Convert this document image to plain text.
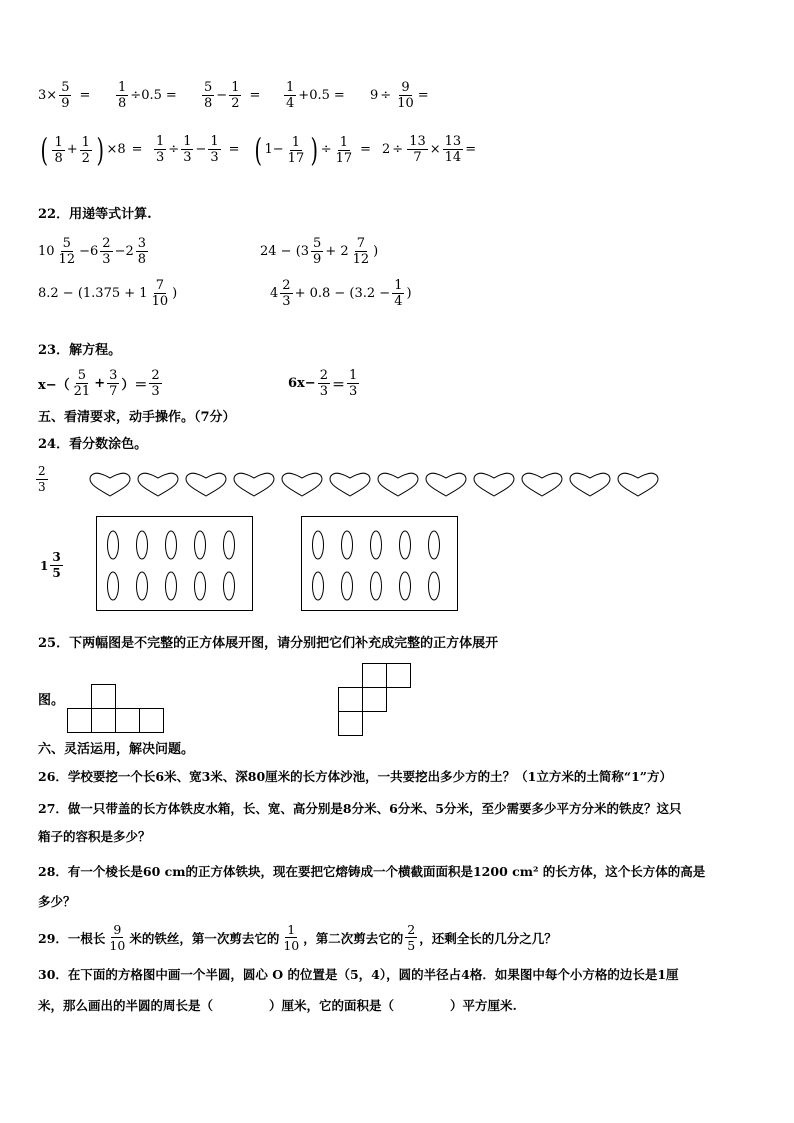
$3 \times \frac{5}{9} = \frac{1}{8} \div 0.5 = \frac{5}{8} - \frac{1}{2} = \frac{1}{4} + 0.5 = 9 \div \frac{9}{10}$ =
( $\frac{1}{8} + \frac{1}{2}$ ) × $8 = \frac{1}{3} \div \frac{1}{3} - \frac{1}{3}$ = ( $1 - \frac{1}{17}$ ) ÷ $\frac{1}{17} = 2 \div \frac{13}{7} \times \frac{13}{14}$ =
22．用递等式计算.
$10 \frac{5}{12} - 6 \frac{2}{3} - 2 \frac{3}{8}$	$24 - (3 \frac{5}{9} + 2 \frac{7}{12}$ )
$8.2 - (1.375 + 1 \frac{7}{10}$ )	$4 \frac{2}{3} + 0.8 - (3.2 - \frac{1}{4}$ )
23．解方程。
$x-( \frac{5}{21} + \frac{3}{7}$ ）＝ $\frac{2}{3}$	$6x- \frac{2}{3} = \frac{1}{3}$
五、看清要求，动手操作。（7分）
24．看分数涂色。
$\frac{2}{3}$
$1 \frac{3}{5}$
25．下两幅图是不完整的正方体展开图，请分别把它们补充成完整的正方体展开
图。
六、灵活运用，解决问题。
26．学校要挖一个长6米、宽3米、深80厘米的长方体沙池，一共要挖出多少方的土？（1立方米的土简称“1”方）
27．做一只带盖的长方体铁皮水箱，长、宽、高分别是8分米、6分米、5分米，至少需要多少平方分米的铁皮？这只
箱子的容积是多少？
28．有一个棱长是60 cm的正方体铁块，现在要把它熔铸成一个横截面面积是1200 cm² 的长方体，这个长方体的高是
多少？
29．一根长 $\frac{9}{10}$ 米的铁丝，第一次剪去它的 $\frac{1}{10}$ ，第二次剪去它的 $\frac{2}{5}$ ，还剩全长的几分之几？
30．在下面的方格图中画一个半圆，圆心 O 的位置是（5，4），圆的半径占4格．如果图中每个小方格的边长是1厘
米，那么画出的半圆的周长是（	）厘米，它的面积是（	）平方厘米.
